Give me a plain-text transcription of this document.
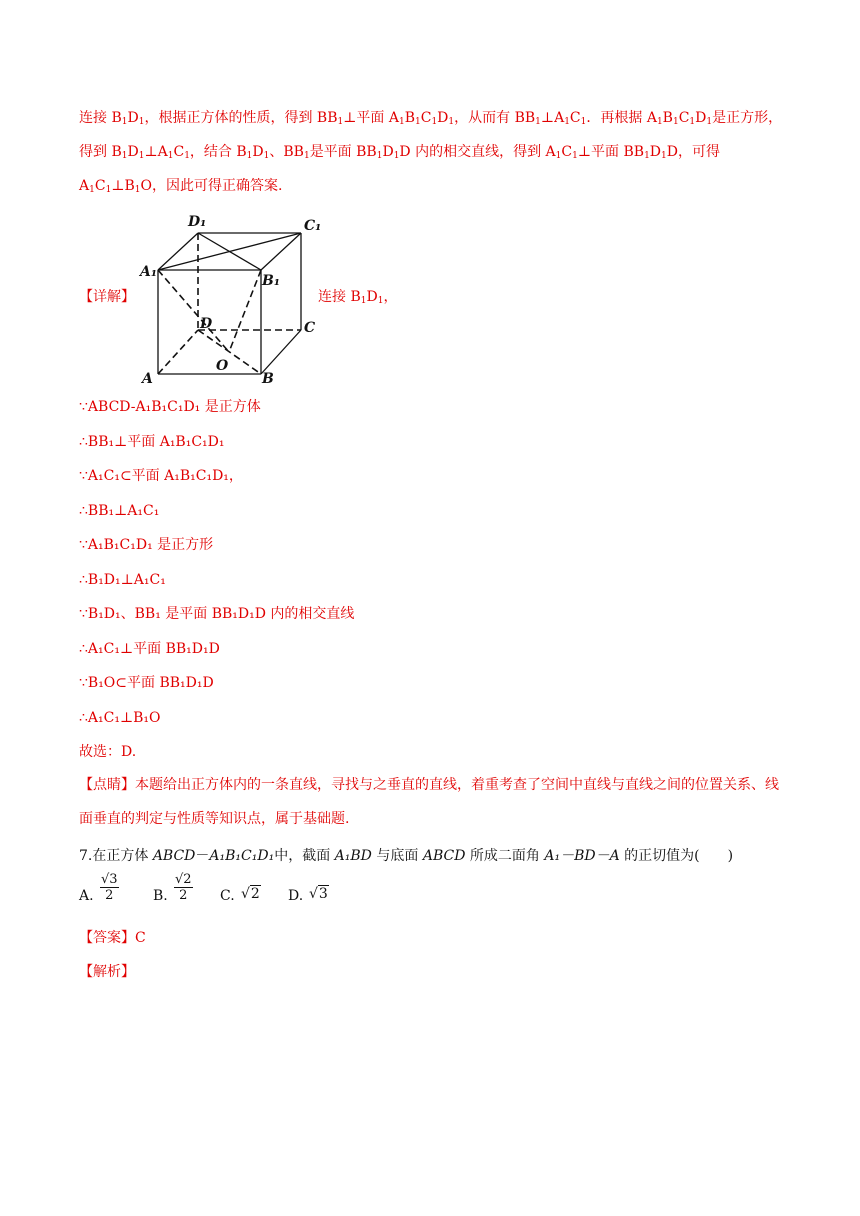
连接 $B_1D_1$，根据正方体的性质，得到 $BB_1\perp$平面 $A_1B_1C_1D_1$，从而有 $BB_1\perp A_1C_1$．再根据 $A_1B_1C_1D_1$是正方形，得到 $B_1D_1\perp A_1C_1$，结合 $B_1D_1$、$BB_1$是平面 $BB_1D_1D$ 内的相交直线，得到 $A_1C_1\perp$平面 $BB_1D_1D$，可得 $A_1C_1\perp B_1O$，因此可得正确答案.

【详解】	连接 $B_1D_1$，
D₁	C₁
A₁
B₁
D	C
A
O
B
∵ABCD-A₁B₁C₁D₁ 是正方体
∴BB₁⊥平面 A₁B₁C₁D₁
∵A₁C₁⊂平面 A₁B₁C₁D₁，
∴BB₁⊥A₁C₁
∵A₁B₁C₁D₁ 是正方形
∴B₁D₁⊥A₁C₁
∵B₁D₁、BB₁ 是平面 BB₁D₁D 内的相交直线
∴A₁C₁⊥平面 BB₁D₁D
∵B₁O⊂平面 BB₁D₁D
∴A₁C₁⊥B₁O
故选：D.

【点睛】本题给出正方体内的一条直线，寻找与之垂直的直线，着重考查了空间中直线与直线之间的位置关系、线面垂直的判定与性质等知识点，属于基础题.

7.在正方体 ABCD－A₁B₁C₁D₁中，截面 A₁BD 与底面 ABCD 所成二面角 A₁－BD－A 的正切值为(　　)
A. $\frac{√3}{2} B$. $\frac{√2}{2} C$. √2 D. √3
【答案】C
【解析】
